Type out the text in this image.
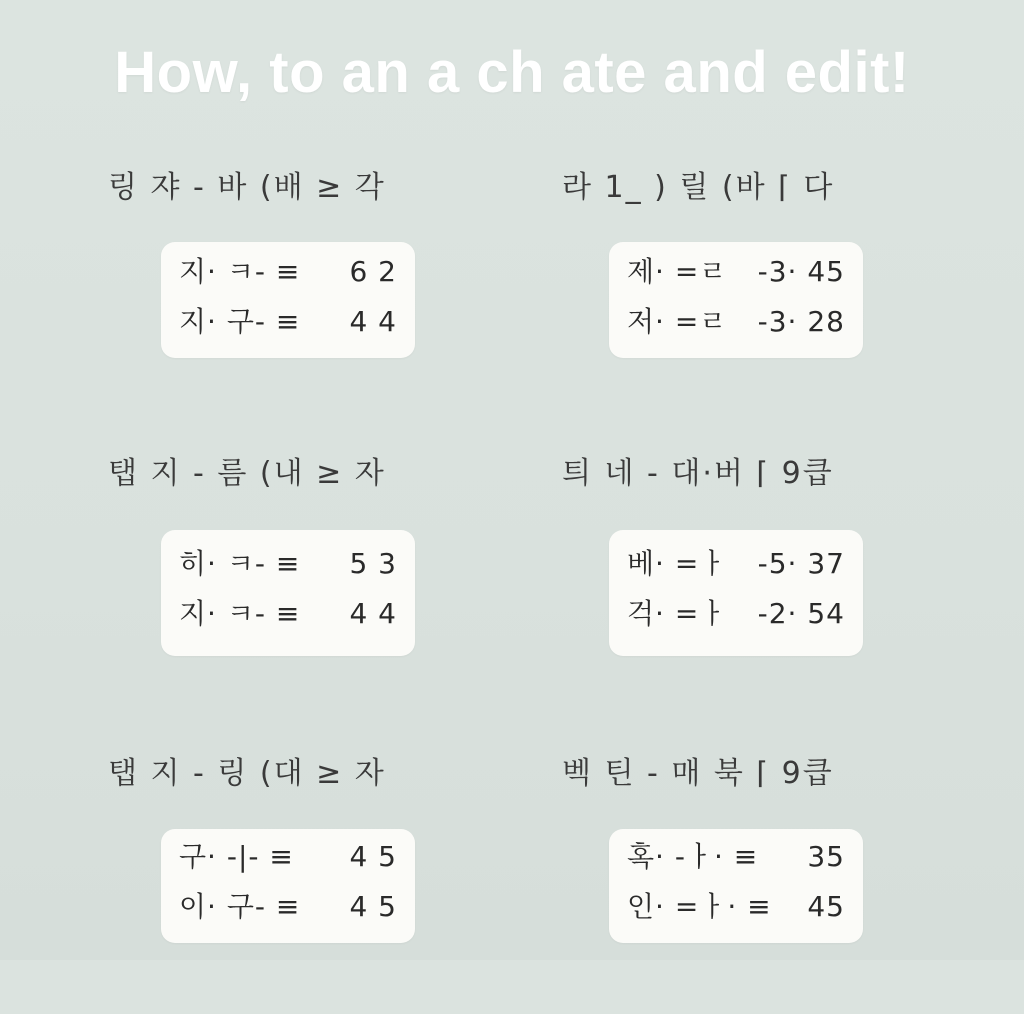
How, to an a ch ate and edit!
링 쟈 - 바 (배 ≥ 각
지· ㅋ- ≡ 6 2
지· 구- ≡ 4 4
라 1_ ) 릴 (바 ⌈ 다
제· =ㄹ -3· 45
저· =ㄹ -3· 28
탭 지 - 름 (내 ≥ 자
히· ㅋ- ≡ 5 3
지· ㅋ- ≡ 4 4
틔 네 - 대·버 ⌈ 9큽
베· =ㅏ -5· 37
걱· =ㅏ -2· 54
탭 지 - 링 (대 ≥ 자
구· -|- ≡ 4 5
이· 구- ≡ 4 5
벡 틴 - 매 북 ⌈ 9큽
혹· -ㅏ· ≡ 35
인· =ㅏ· ≡ 45
